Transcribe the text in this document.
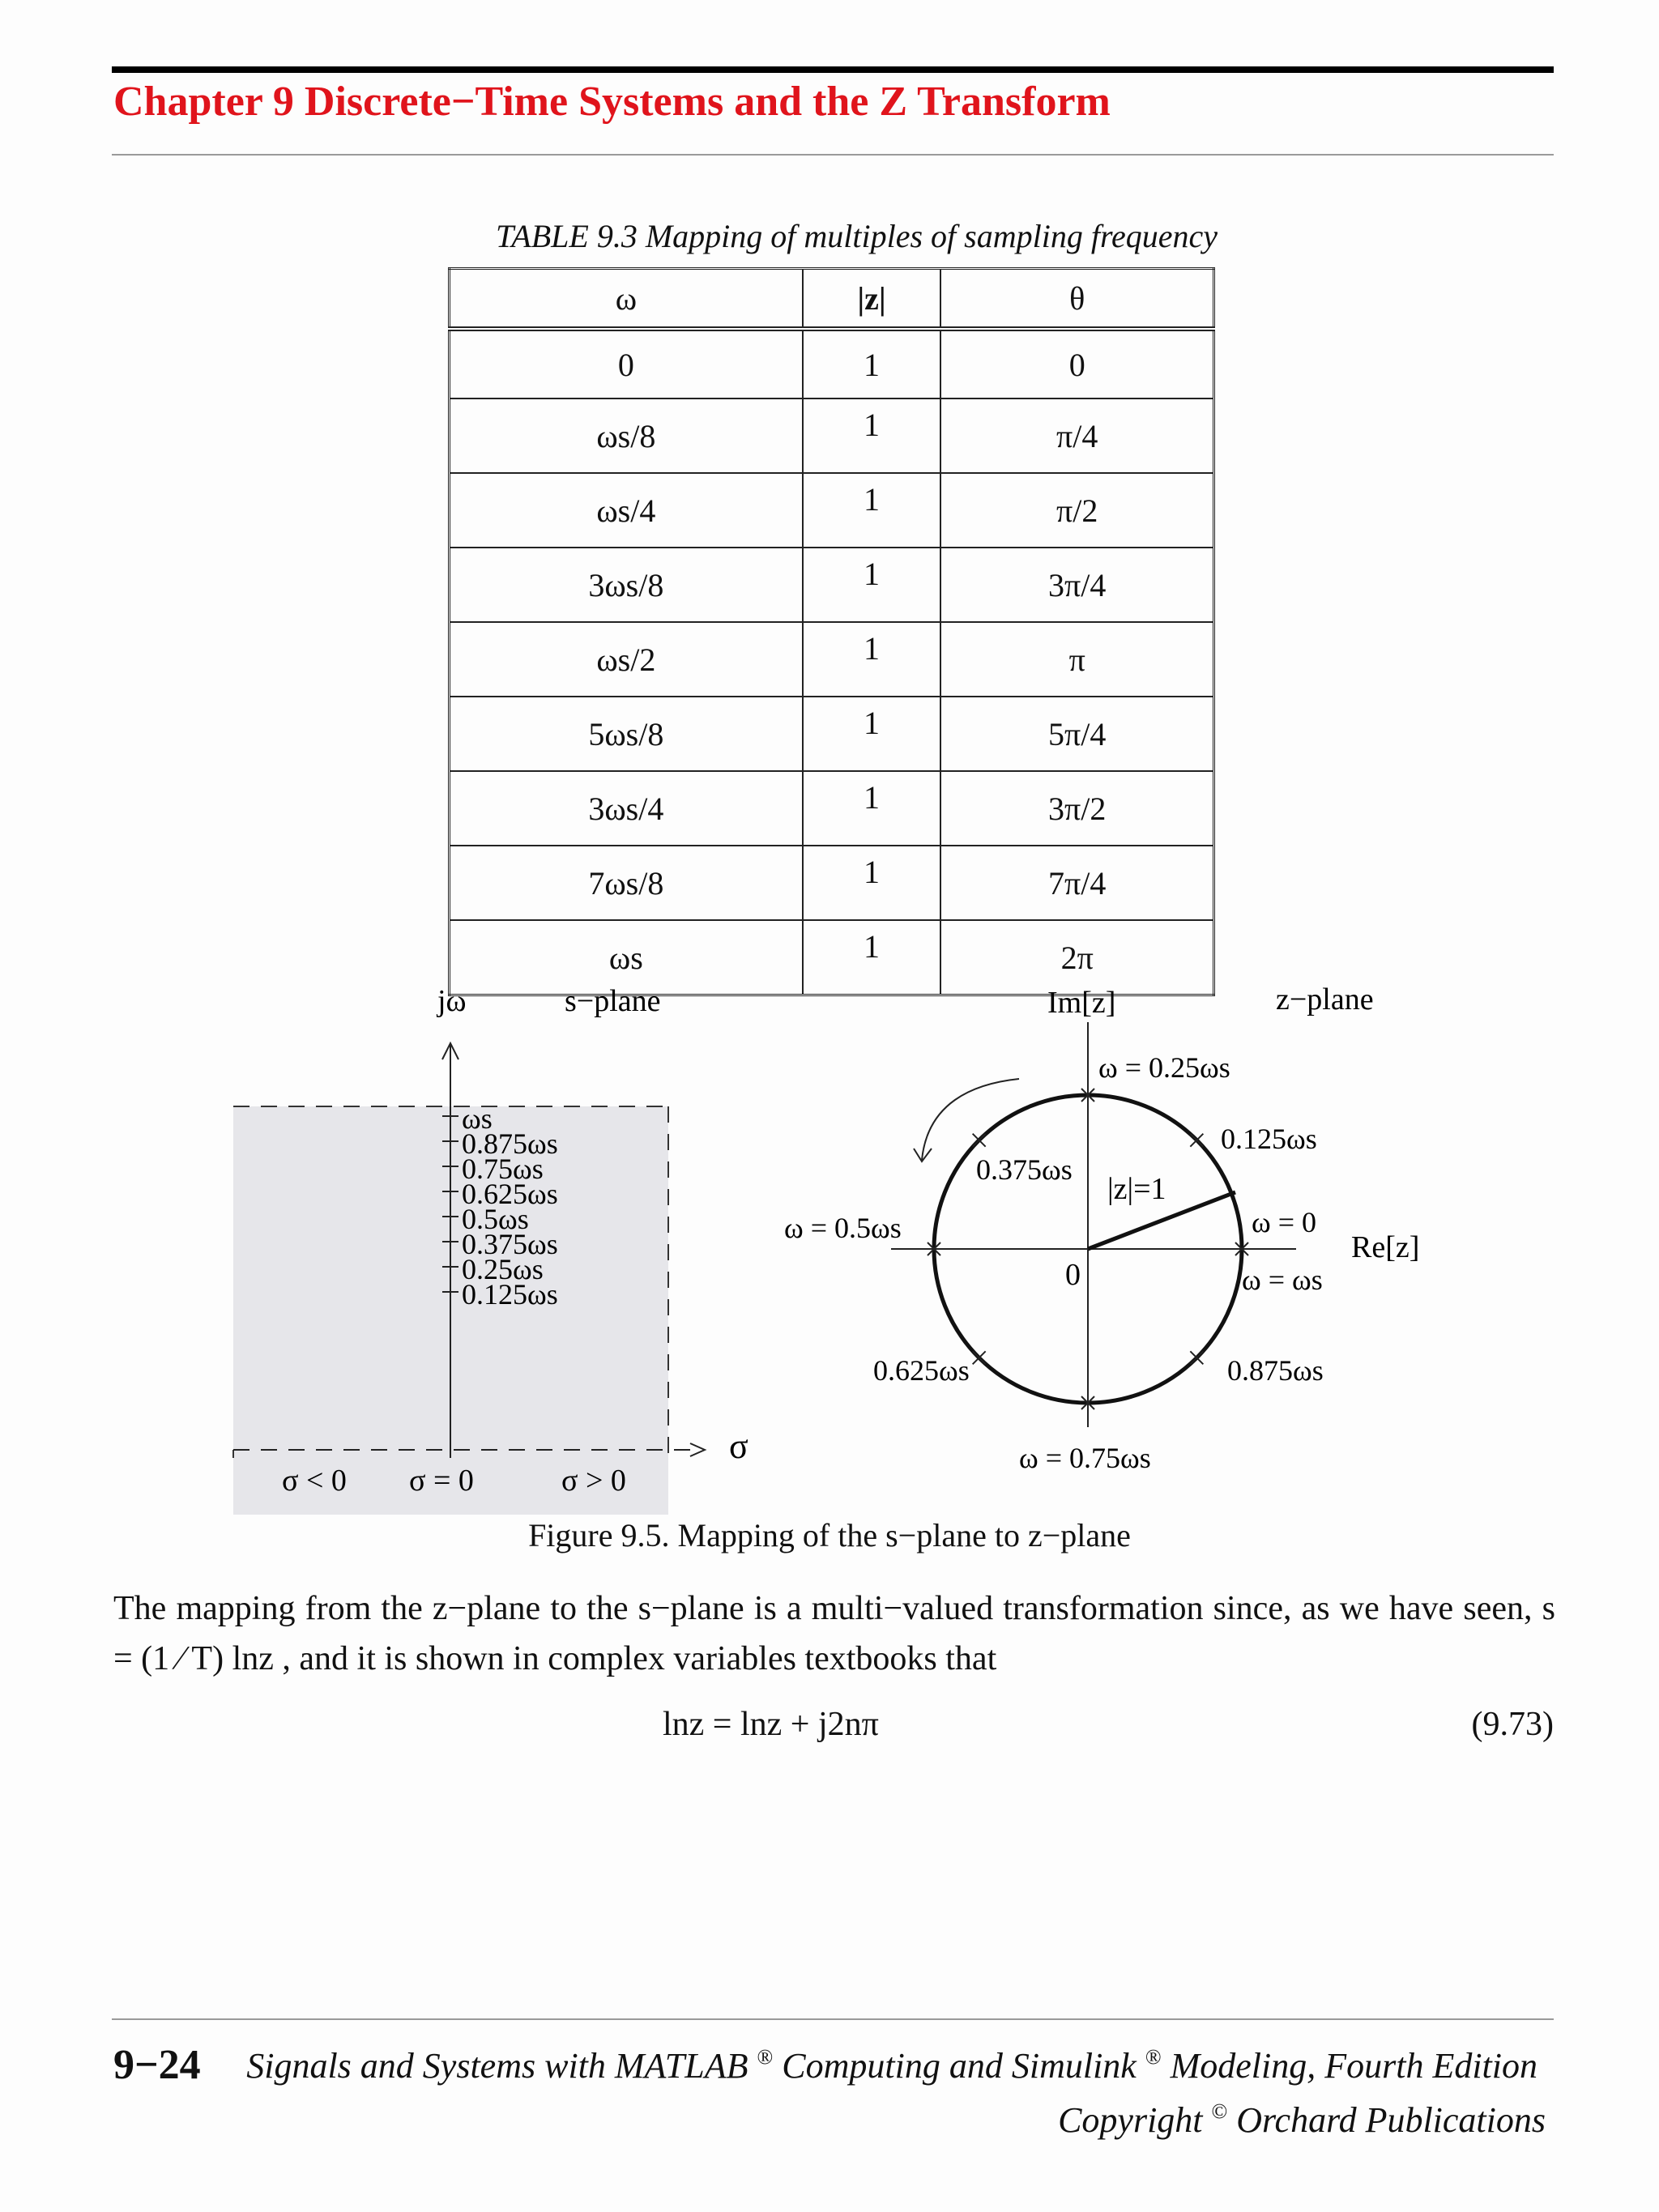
Chapter 9 Discrete−Time Systems and the Z Transform
TABLE 9.3 Mapping of multiples of sampling frequency
ω	|z|	θ
0	1	0
ωs/8	1	π/4
ωs/4	1	π/2
3ωs/8	1	3π/4
ωs/2	1	π
5ωs/8	1	5π/4
3ωs/4	1	3π/2
7ωs/8	1	7π/4
ωs	1	2π
ωs
0.875ωs
0.75ωs
0.625ωs
0.5ωs
0.375ωs
0.25ωs
0.125ωs
jω	s−plane
σ
σ < 0 σ = 0	σ > 0
Im[z]	z−plane
Re[z]
0
|z|=1
ω = 0.25ωs
0.125ωs
0.375ωs
ω = 0.5ωs	ω = 0
ω = ωs
0.625ωs	0.875ωs
ω = 0.75ωs
Figure 9.5. Mapping of the s−plane to z−plane
The mapping from the z−plane to the s−plane is a multi−valued transformation since, as we have seen, s = (1 ⁄ T) lnz , and it is shown in complex variables textbooks that
lnz = lnz + j2nπ	(9.73)
9−24 Signals and Systems with MATLAB ® Computing and Simulink ® Modeling, Fourth Edition
Copyright © Orchard Publications
